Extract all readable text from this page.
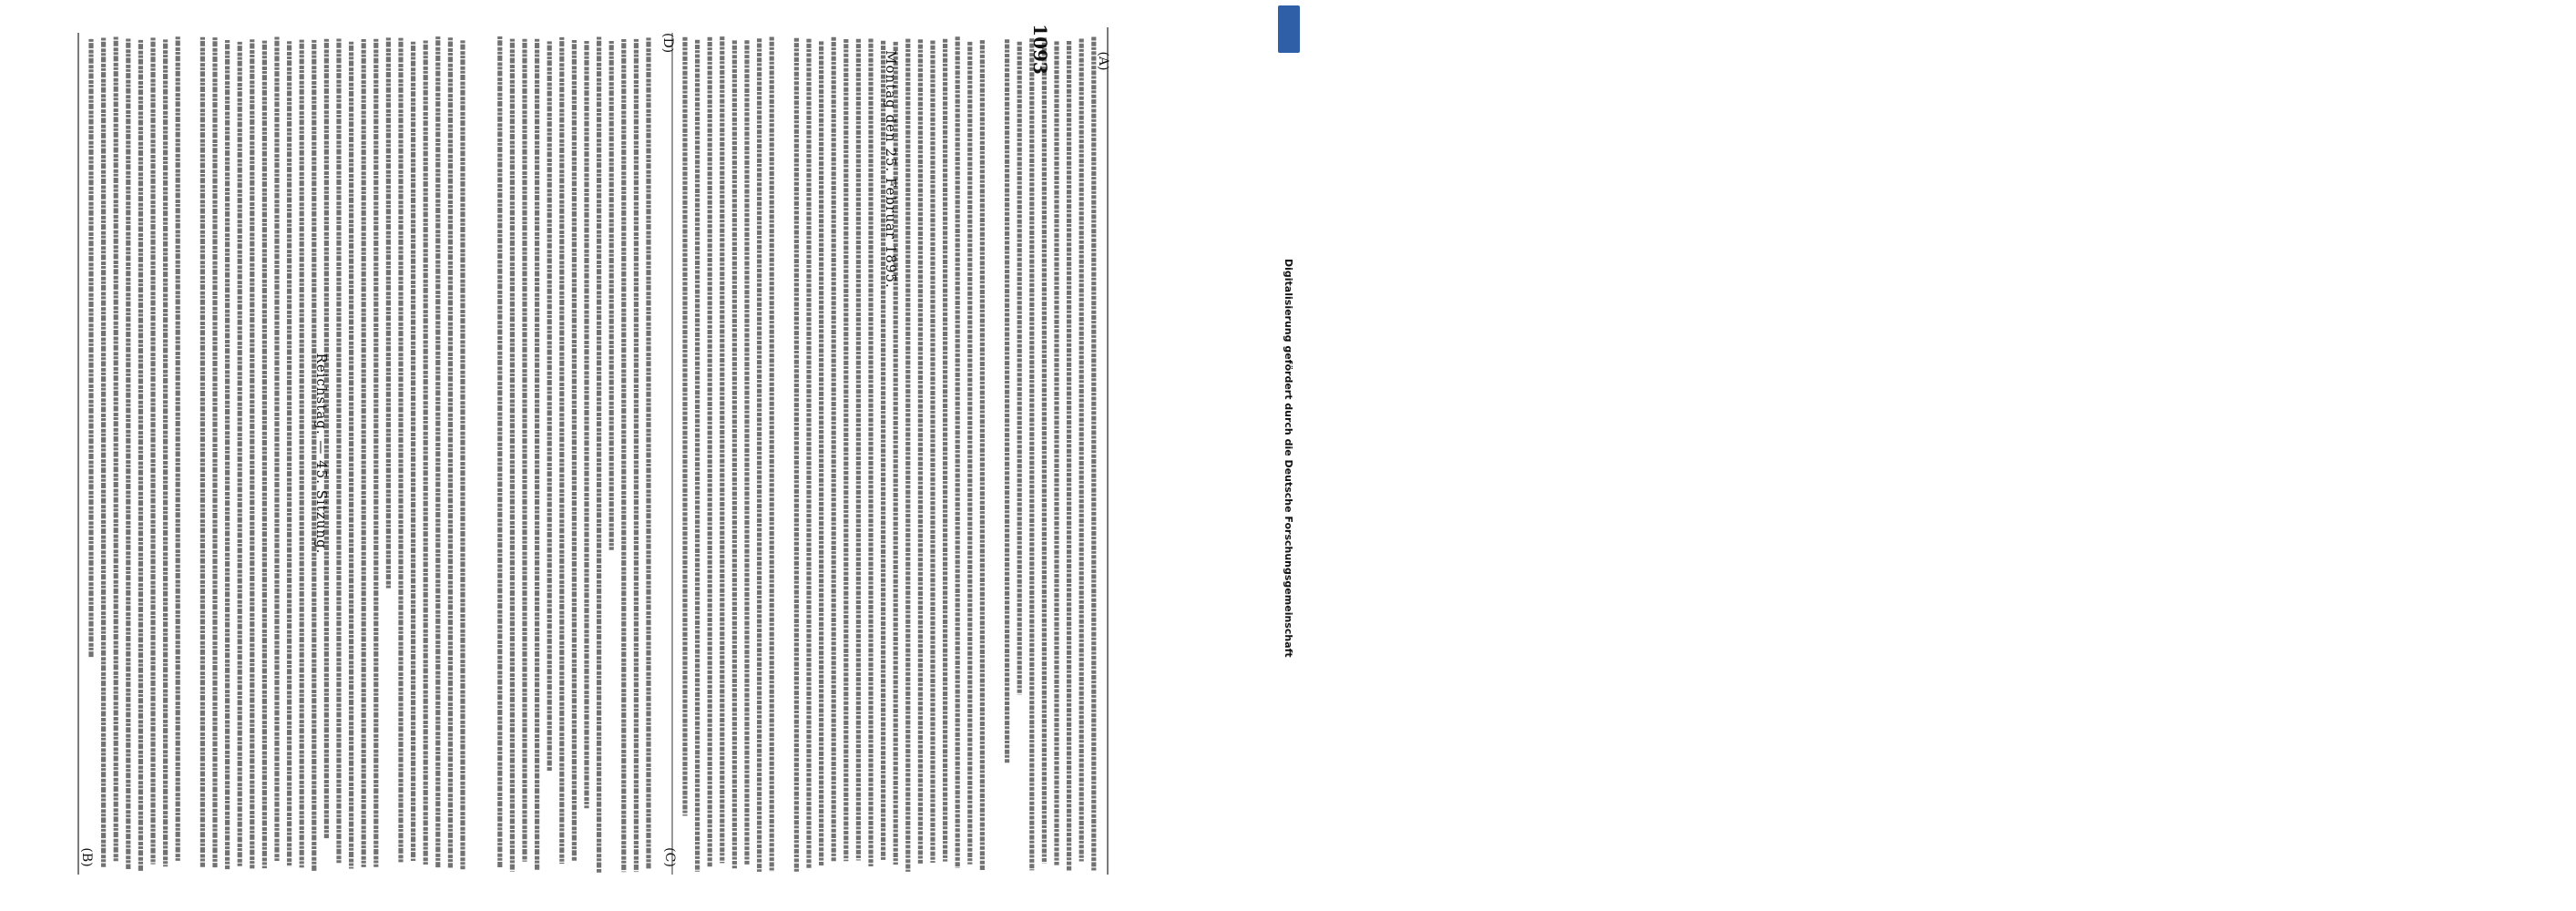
Reichstag. — 45. Sitzung.
Montag den 25. Februar 1895.
1093	(A)
(B)	(C)
(D)
Digitalisierung gefördert durch die Deutsche Forschungsgemeinschaft
DFG
